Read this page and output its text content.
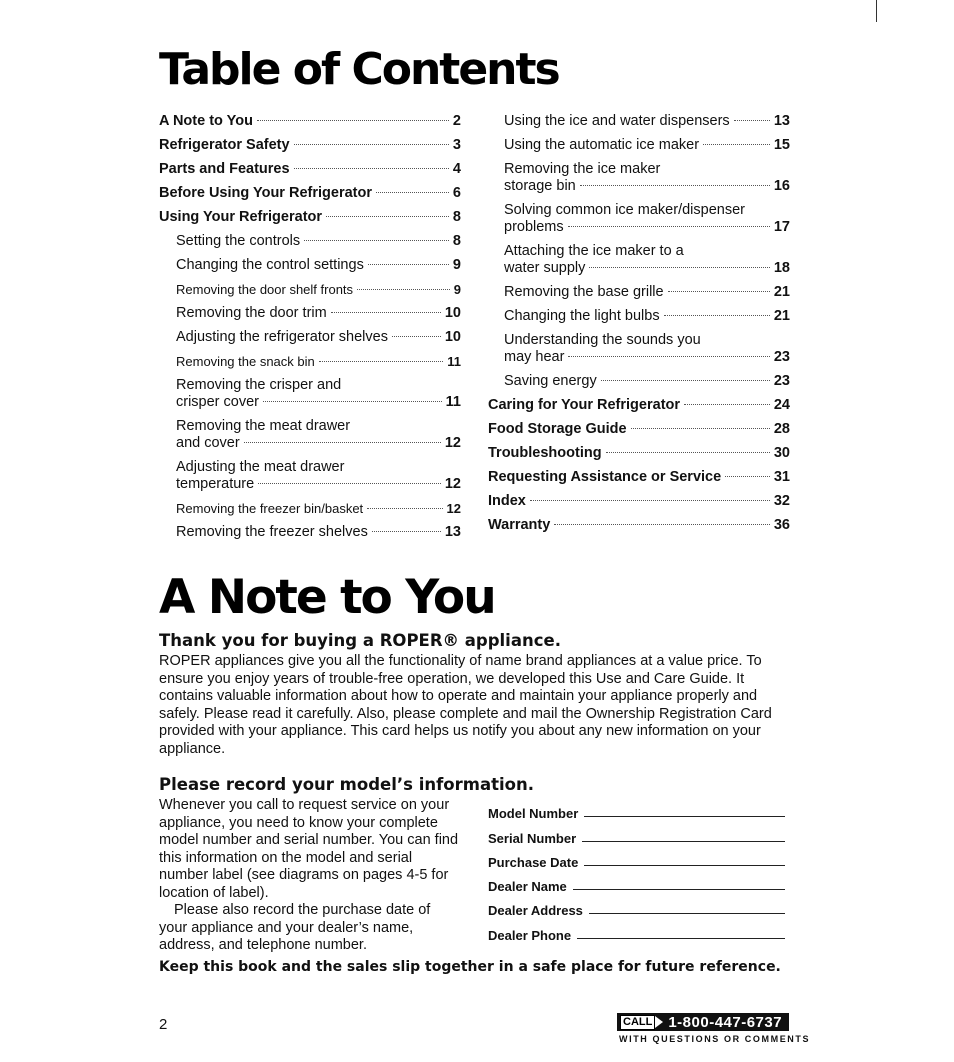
Table of Contents
A Note to You	2
Refrigerator Safety	3
Parts and Features	4
Before Using Your Refrigerator	6
Using Your Refrigerator	8
Setting the controls	8
Changing the control settings	9
Removing the door shelf fronts	9
Removing the door trim	10
Adjusting the refrigerator shelves	10
Removing the snack bin	11
Removing the crisper and
crisper cover	11
Removing the meat drawer
and cover	12
Adjusting the meat drawer
temperature	12
Removing the freezer bin/basket	12
Removing the freezer shelves	13
Using the ice and water dispensers	13
Using the automatic ice maker	15
Removing the ice maker
storage bin	16
Solving common ice maker/dispenser
problems	17
Attaching the ice maker to a
water supply	18
Removing the base grille	21
Changing the light bulbs	21
Understanding the sounds you
may hear	23
Saving energy	23
Caring for Your Refrigerator	24
Food Storage Guide	28
Troubleshooting	30
Requesting Assistance or Service	31
Index	32
Warranty	36
A Note to You
Thank you for buying a ROPER® appliance.

ROPER appliances give you all the functionality of name brand appliances at a value price. To ensure you enjoy years of trouble-free operation, we developed this Use and Care Guide. It contains valuable information about how to operate and maintain your appliance properly and safely. Please read it carefully. Also, please complete and mail the Ownership Registration Card provided with your appliance. This card helps us notify you about any new information on your appliance.

Please record your model’s information.

Whenever you call to request service on your appliance, you need to know your complete model number and serial number. You can find this information on the model and serial number label (see diagrams on pages 4-5 for location of label).
Please also record the purchase date of your appliance and your dealer’s name, address, and telephone number.

Model Number
Serial Number
Purchase Date
Dealer Name
Dealer Address
Dealer Phone

Keep this book and the sales slip together in a safe place for future reference.

2	CALL 1-800-447-6737
WITH QUESTIONS OR COMMENTS
